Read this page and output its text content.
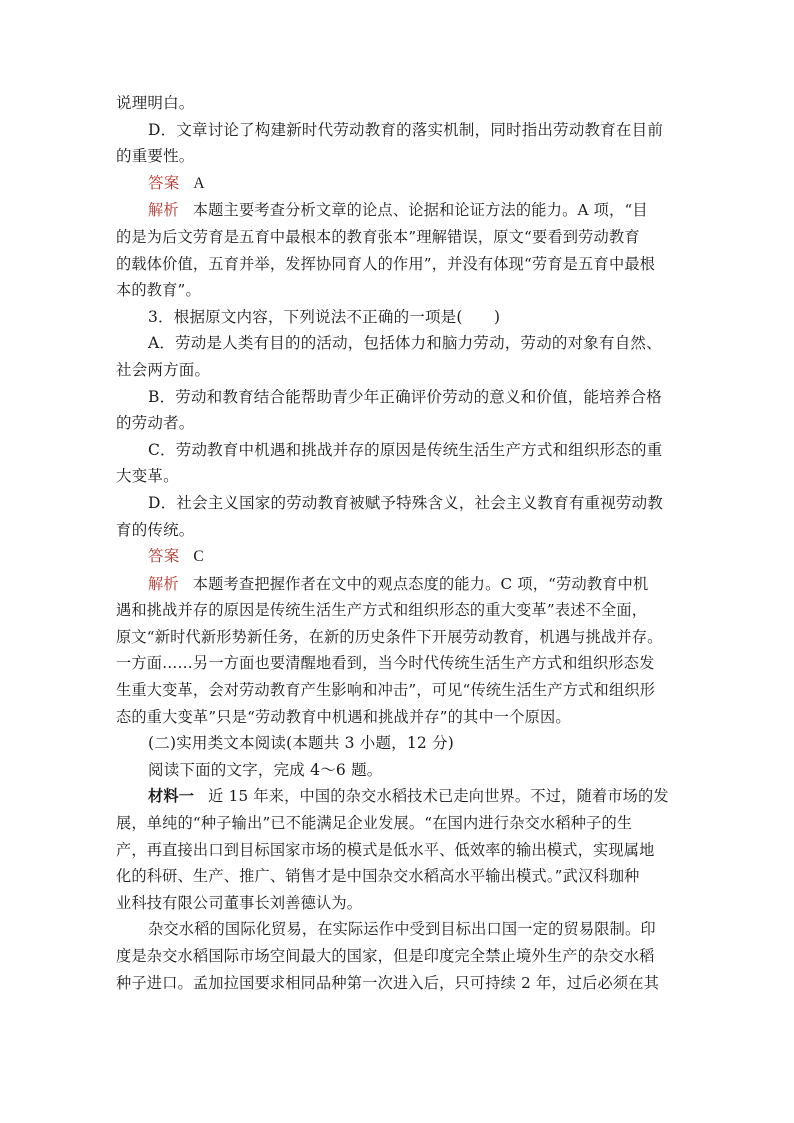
说理明白。
D．文章讨论了构建新时代劳动教育的落实机制，同时指出劳动教育在目前
的重要性。
答案 A
解析 本题主要考查分析文章的论点、论据和论证方法的能力。A 项，“目
的是为后文劳育是五育中最根本的教育张本”理解错误，原文“要看到劳动教育
的载体价值，五育并举，发挥协同育人的作用”，并没有体现“劳育是五育中最根
本的教育”。
3．根据原文内容，下列说法不正确的一项是(　　)
A．劳动是人类有目的的活动，包括体力和脑力劳动，劳动的对象有自然、
社会两方面。
B．劳动和教育结合能帮助青少年正确评价劳动的意义和价值，能培养合格
的劳动者。
C．劳动教育中机遇和挑战并存的原因是传统生活生产方式和组织形态的重
大变革。
D．社会主义国家的劳动教育被赋予特殊含义，社会主义教育有重视劳动教
育的传统。
答案 C
解析 本题考查把握作者在文中的观点态度的能力。C 项，“劳动教育中机
遇和挑战并存的原因是传统生活生产方式和组织形态的重大变革”表述不全面，
原文“新时代新形势新任务，在新的历史条件下开展劳动教育，机遇与挑战并存。
一方面……另一方面也要清醒地看到，当今时代传统生活生产方式和组织形态发
生重大变革，会对劳动教育产生影响和冲击”，可见“传统生活生产方式和组织形
态的重大变革”只是“劳动教育中机遇和挑战并存”的其中一个原因。
(二)实用类文本阅读(本题共 3 小题，12 分)
阅读下面的文字，完成 4～6 题。
材料一 近 15 年来，中国的杂交水稻技术已走向世界。不过，随着市场的发
展，单纯的“种子输出”已不能满足企业发展。“在国内进行杂交水稻种子的生
产，再直接出口到目标国家市场的模式是低水平、低效率的输出模式，实现属地
化的科研、生产、推广、销售才是中国杂交水稻高水平输出模式。”武汉科珈种
业科技有限公司董事长刘善德认为。
杂交水稻的国际化贸易，在实际运作中受到目标出口国一定的贸易限制。印
度是杂交水稻国际市场空间最大的国家，但是印度完全禁止境外生产的杂交水稻
种子进口。孟加拉国要求相同品种第一次进入后，只可持续 2 年，过后必须在其
